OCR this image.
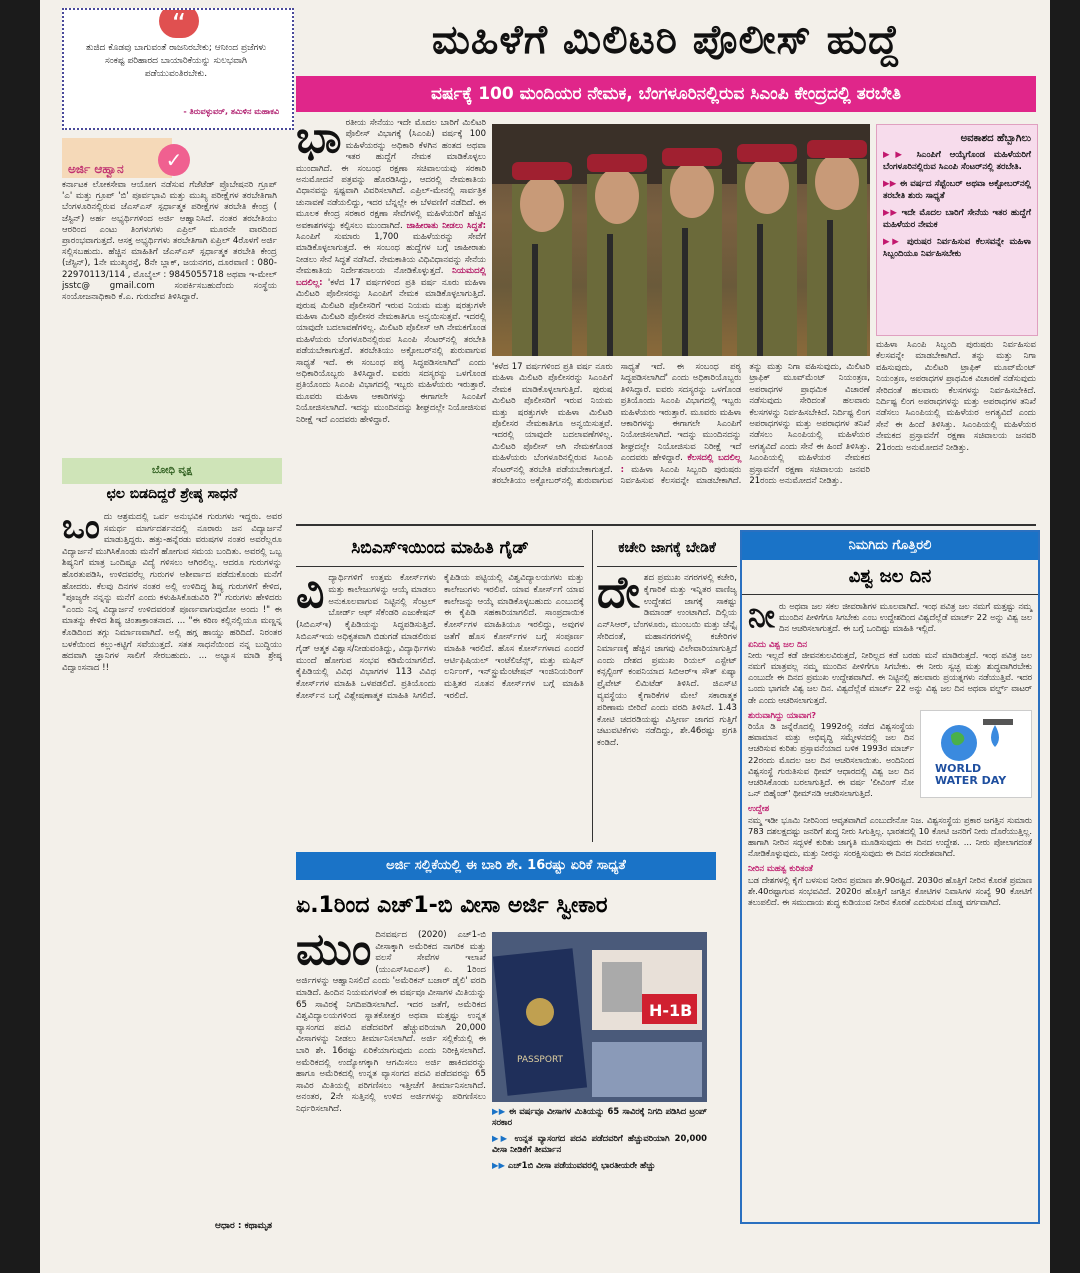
“
ತುಜಿದ ಕೊಡವು ಬಾಗುವಂತೆ ರಾಜನಿರಬೇಕು; ಆನೀಂದ ಪ್ರಜೆಗಳು ಸಂಕಷ್ಟ ಪರಿಹಾರದ ಬಾಯಾರಿಕೆಯನ್ನು ಸುಲಭವಾಗಿ ಪಡೆಯುವಂತಿರಬೇಕು.
- ತಿರುವಳ್ಳುವರ್, ತಮಿಳಿನ ಮಹಾಕವಿ
ಅರ್ಜಿ ಆಹ್ವಾನ	✓
ಕರ್ನಾಟಕ ಲೋಕಸೇವಾ ಆಯೋಗ ನಡೆಸುವ ಗೆಜೆಟೆಡ್ ಪ್ರೊಬೇಷನರಿ ಗ್ರೂಪ್ 'ಎ' ಮತ್ತು ಗ್ರೂಪ್ 'ಬಿ' ಪೂರ್ವಭಾವಿ ಮತ್ತು ಮುಖ್ಯ ಪರೀಕ್ಷೆಗಳ ತರಬೇತಿಗಾಗಿ ಬೆಂಗಳೂರಿನಲ್ಲಿರುವ ಜೆಎಸ್‌ಎಸ್ ಸ್ಪರ್ಧಾತ್ಮಕ ಪರೀಕ್ಷೆಗಳ ತರಬೇತಿ ಕೇಂದ್ರ ( ಜೆಸ್ಟಿನ್) ಅರ್ಹ ಅಭ್ಯರ್ಥಿಗಳಿಂದ ಅರ್ಜಿ ಆಹ್ವಾನಿಸಿದೆ. ನಂತರ ತರಬೇತಿಯು ಆರರಿಂದ ಎಂಟು ತಿಂಗಳುಗಳು ಎಪ್ರಿಲ್ ಮೂರನೇ ವಾರದಿಂದ ಪ್ರಾರಂಭವಾಗುತ್ತದೆ. ಆಸಕ್ತ ಅಭ್ಯರ್ಥಿಗಳು ತರಬೇತಿಗಾಗಿ ಏಪ್ರಿಲ್ 4ರೊಳಗೆ ಅರ್ಜಿ ಸಲ್ಲಿಸಬಹುದು. ಹೆಚ್ಚಿನ ಮಾಹಿತಿಗೆ ಜೆಎಸ್‌ಎಸ್ ಸ್ಪರ್ಧಾತ್ಮಕ ತರಬೇತಿ ಕೇಂದ್ರ (ಜೆಸ್ಟಿನ್), 1ನೇ ಮುಖ್ಯರಸ್ತೆ, 8ನೇ ಬ್ಲಾಕ್, ಜಯನಗರ, ದೂರವಾಣಿ : 080-22970113/114 , ಮೊಬೈಲ್ : 9845055718 ಅಥವಾ ಇ-ಮೇಲ್ jsstc@ gmail.com ಸಂಪರ್ಕಿಸಬಹುದೆಂದು ಸಂಸ್ಥೆಯ ಸಂಯೋಜನಾಧಿಕಾರಿ ಕೆ.ಎ. ಗುರುದೇವ ತಿಳಿಸಿದ್ದಾರೆ.
ಬೋಧಿ ವೃಕ್ಷ
ಛಲ ಬಿಡದಿದ್ದರೆ ಶ್ರೇಷ್ಠ ಸಾಧನೆ
ಒಂದು ಆಶ್ರಮದಲ್ಲಿ ಒರ್ವ ಅನುಭವಿಕ ಗುರುಗಳು ಇದ್ದರು. ಅವರ ಸಮರ್ಥ ಮಾರ್ಗದರ್ಶನದಲ್ಲಿ ನೂರಾರು ಜನ ವಿದ್ಯಾರ್ಜನೆ ಮಾಡುತ್ತಿದ್ದರು. ಹತ್ತು-ಹನ್ನೆರಡು ವರುಷಗಳ ನಂತರ ಅವರೆಲ್ಲರೂ ವಿದ್ಯಾರ್ಜನೆ ಮುಗಿಸಿಕೊಂಡು ಮನೆಗೆ ಹೋಗುವ ಸಮಯ ಬಂದಿತು. ಅವರಲ್ಲಿ ಒಬ್ಬ ಶಿಷ್ಯನಿಗೆ ಮಾತ್ರ ಒಂದಿಷ್ಟೂ ವಿದ್ಯೆ ಗಳಿಸಲು ಆಗಿರಲಿಲ್ಲ. ಆದರೂ ಗುರುಗಳನ್ನು ಹೊರತುಪಡಿಸಿ, ಉಳಿದವರೆಲ್ಲ ಗುರುಗಳ ಆಶೀರ್ವಾದ ಪಡೆದುಕೊಂಡು ಮನೆಗೆ ಹೋದರು. ಕೆಲವು ದಿನಗಳ ನಂತರ ಅಲ್ಲಿ ಉಳಿದಿದ್ದ ಶಿಷ್ಯ ಗುರುಗಳಿಗೆ ಕೇಳಿದ, "ಪೂಜ್ಯರೇ ನನ್ನನ್ನು ಮನೆಗೆ ಎಂದು ಕಳುಹಿಸಿಕೊಡುವಿರಿ ?" ಗುರುಗಳು ಹೇಳಿದರು "ಎಂದು ನಿನ್ನ ವಿದ್ಯಾರ್ಜನೆ ಉಳಿದವರಂತೆ ಪೂರ್ಣವಾಗುವುದೋ ಅಂದು !" ಈ ಮಾತನ್ನು ಕೇಳಿದ ಶಿಷ್ಯ ಚಿಂತಾಕ್ರಾಂತನಾದ. ... "ಈ ಕಠಿಣ ಕಲ್ಲಿನಲ್ಲಿಯೂ ಮಣ್ಣನ್ನ ಕೊಡಿದಿಂದ ತಗ್ಗು ನಿರ್ಮಾಣವಾಗಿದೆ. ಅಲ್ಲಿ ಹಗ್ಗ ಹಾಯ್ದು ಹರಿದಿದೆ. ನಿರಂತರ ಬಳಕೆಯಿಂದ ಕಲ್ಲು-ಕಟ್ಟಿಗೆ ಸವೆಯುತ್ತದೆ. ಸತತ ಸಾಧನೆಯಿಂದ ನನ್ನ ಬುದ್ಧಿಯು ಹದವಾಗಿ ಜ್ಞಾನಿಗಳ ಸಾಲಿಗೆ ಸೇರಬಹುದು. ... ಅಭ್ಯಾಸ ಮಾಡಿ ಶ್ರೇಷ್ಠ ವಿದ್ವಾಂಸನಾದ !!
ಆಧಾರ : ಕಥಾಮೃತ
ಮಹಿಳೆಗೆ ಮಿಲಿಟರಿ ಪೊಲೀಸ್ ಹುದ್ದೆ
ವರ್ಷಕ್ಕೆ 100 ಮಂದಿಯರ ನೇಮಕ, ಬೆಂಗಳೂರಿನಲ್ಲಿರುವ ಸಿಎಂಪಿ ಕೇಂದ್ರದಲ್ಲಿ ತರಬೇತಿ
ಭಾರತೀಯ ಸೇನೆಯು ಇದೇ ಮೊದಲ ಬಾರಿಗೆ ಮಿಲಿಟರಿ ಪೊಲೀಸ್ ವಿಭಾಗಕ್ಕೆ (ಸಿಎಂಪಿ) ವರ್ಷಕ್ಕೆ 100 ಮಹಿಳೆಯರನ್ನು ಅಧಿಕಾರಿ ಕೆಳಗಿನ ಹಂತದ ಅಥವಾ ಇತರ ಹುದ್ದೆಗೆ ನೇಮಕ ಮಾಡಿಕೊಳ್ಳಲು ಮುಂದಾಗಿದೆ. ಈ ಸಂಬಂಧ ರಕ್ಷಣಾ ಸಚಿವಾಲಯವು ಸರಕಾರಿ ಅನುಮೋದನೆ ಪತ್ರವನ್ನು ಹೊರಡಿಸಿದ್ದು, ಆದರಲ್ಲಿ ನೇಮಕಾತಿಯ ವಿಧಾನವನ್ನು ಸ್ಪಷ್ಟವಾಗಿ ವಿವರಿಸಲಾಗಿದೆ. ಎಪ್ರಿಲ್-ಮೇನಲ್ಲಿ ಸಾರ್ವತ್ರಿಕ ಚುನಾವಣೆ ನಡೆಯಲಿದ್ದು, ಇದರ ಬೆನ್ನಲ್ಲೇ ಈ ಬೆಳವಣಿಗೆ ನಡೆದಿದೆ. ಈ ಮೂಲಕ ಕೇಂದ್ರ ಸರಕಾರ ರಕ್ಷಣಾ ಸೇವೆಗಳಲ್ಲಿ ಮಹಿಳೆಯರಿಗೆ ಹೆಚ್ಚಿನ ಅವಕಾಶಗಳನ್ನು ಕಲ್ಪಿಸಲು ಮುಂದಾಗಿದೆ. ಜಾಹೀರಾತು ನೀಡಲು ಸಿದ್ಧತೆ: ಸಿಎಂಪಿಗೆ ಸುಮಾರು 1,700 ಮಹಿಳೆಯರನ್ನು ಸೇವೆಗೆ ಮಾಡಿಕೊಳ್ಳಲಾಗುತ್ತದೆ. ಈ ಸಂಬಂಧ ಹುದ್ದೆಗಳ ಬಗ್ಗೆ ಜಾಹೀರಾತು ನೀಡಲು ಸೇನೆ ಸಿದ್ಧತೆ ನಡೆಸಿದೆ. ನೇಮಕಾತಿಯ ವಿಧಿವಿಧಾನವನ್ನು ಸೇನೆಯ ನೇಮಕಾತಿಯ ನಿರ್ದೇಶನಾಲಯ ನೋಡಿಕೊಳ್ಳುತ್ತದೆ. ನಿಯಮದಲ್ಲಿ ಬದಲಿಲ್ಲ: 'ಕಳೆದ 17 ವರ್ಷಗಳಿಂದ ಪ್ರತಿ ವರ್ಷ ನೂರು ಮಹಿಳಾ ಮಿಲಿಟರಿ ಪೊಲೀಸರನ್ನು ಸಿಎಂಪಿಗೆ ನೇಮಕ ಮಾಡಿಕೊಳ್ಳಲಾಗುತ್ತಿದೆ. ಪುರುಷ ಮಿಲಿಟರಿ ಪೊಲೀಸರಿಗೆ ಇರುವ ನಿಯಮ ಮತ್ತು ಷರತ್ತುಗಳೇ ಮಹಿಳಾ ಮಿಲಿಟರಿ ಪೊಲೀಸರ ನೇಮಕಾತಿಗೂ ಅನ್ವಯಿಸುತ್ತವೆ. ಇದರಲ್ಲಿ ಯಾವುದೇ ಬದಲಾವಣೆಗಳಿಲ್ಲ. ಮಿಲಿಟರಿ ಪೊಲೀಸ್ ಆಗಿ ನೇಮಕಗೊಂಡ ಮಹಿಳೆಯರು ಬೆಂಗಳೂರಿನಲ್ಲಿರುವ ಸಿಎಂಪಿ ಸೆಂಟರ್‌ನಲ್ಲಿ ತರಬೇತಿ ಪಡೆಯಬೇಕಾಗುತ್ತದೆ. ತರಬೇತಿಯು ಅಕ್ಟೋಬರ್‌ನಲ್ಲಿ ಶುರುವಾಗುವ ಸಾಧ್ಯತೆ ಇದೆ. ಈ ಸಂಬಂಧ ಪಠ್ಯ ಸಿದ್ಧಪಡಿಸಲಾಗಿದೆ' ಎಂದು ಅಧಿಕಾರಿಯೊಬ್ಬರು ತಿಳಿಸಿದ್ದಾರೆ. ಐವರು ಸದಸ್ಯರನ್ನು ಒಳಗೊಂಡ ಪ್ರತಿಯೊಂದು ಸಿಎಂಪಿ ವಿಭಾಗದಲ್ಲಿ ಇಬ್ಬರು ಮಹಿಳೆಯರು ಇರುತ್ತಾರೆ. ಮೂವರು ಮಹಿಳಾ ಆಕಾರಿಗಳನ್ನು ಈಗಾಗಲೇ ಸಿಎಂಪಿಗೆ ನಿಯೋಜಿಸಲಾಗಿದೆ. ಇದನ್ನು ಮುಂದಿನದನ್ನು ಶೀಘ್ರದಲ್ಲೇ ನಿಯೋಜಿಸುವ ನಿರೀಕ್ಷೆ ಇದೆ ಎಂದವರು ಹೇಳಿದ್ದಾರೆ.
ಅವಕಾಶದ ಹೆಬ್ಬಾಗಿಲು

▶▶ ಸಿಎಂಪಿಗೆ ಆಯ್ಕೆಗೊಂಡ ಮಹಿಳೆಯರಿಗೆ ಬೆಂಗಳೂರಿನಲ್ಲಿರುವ ಸಿಎಂಪಿ ಸೆಂಟರ್‌ನಲ್ಲಿ ತರಬೇತಿ.

▶▶ ಈ ವರ್ಷದ ಸೆಪ್ಟೆಂಬರ್ ಅಥವಾ ಅಕ್ಟೋಬರ್‌ನಲ್ಲಿ ತರಬೇತಿ ಶುರು ಸಾಧ್ಯತೆ

▶▶ ಇದೇ ಮೊದಲ ಬಾರಿಗೆ ಸೇನೆಯ ಇತರ ಹುದ್ದೆಗೆ ಮಹಿಳೆಯರ ನೇಮಕ

▶▶ ಪುರುಷರ ನಿರ್ವಹಿಸುವ ಕೆಲಸವನ್ನೇ ಮಹಿಳಾ ಸಿಬ್ಬಂದಿಯೂ ನಿರ್ವಹಿಸಬೇಕು

'ಕಳೆದ 17 ವರ್ಷಗಳಿಂದ ಪ್ರತಿ ವರ್ಷ ನೂರು ಮಹಿಳಾ ಮಿಲಿಟರಿ ಪೊಲೀಸರನ್ನು ಸಿಎಂಪಿಗೆ ನೇಮಕ ಮಾಡಿಕೊಳ್ಳಲಾಗುತ್ತಿದೆ. ಪುರುಷ ಮಿಲಿಟರಿ ಪೊಲೀಸರಿಗೆ ಇರುವ ನಿಯಮ ಮತ್ತು ಷರತ್ತುಗಳೇ ಮಹಿಳಾ ಮಿಲಿಟರಿ ಪೊಲೀಸರ ನೇಮಕಾತಿಗೂ ಅನ್ವಯಿಸುತ್ತವೆ. ಇದರಲ್ಲಿ ಯಾವುದೇ ಬದಲಾವಣೆಗಳಿಲ್ಲ. ಮಿಲಿಟರಿ ಪೊಲೀಸ್ ಆಗಿ ನೇಮಕಗೊಂಡ ಮಹಿಳೆಯರು ಬೆಂಗಳೂರಿನಲ್ಲಿರುವ ಸಿಎಂಪಿ ಸೆಂಟರ್‌ನಲ್ಲಿ ತರಬೇತಿ ಪಡೆಯಬೇಕಾಗುತ್ತದೆ. ತರಬೇತಿಯು ಅಕ್ಟೋಬರ್‌ನಲ್ಲಿ ಶುರುವಾಗುವ ಸಾಧ್ಯತೆ ಇದೆ. ಈ ಸಂಬಂಧ ಪಠ್ಯ ಸಿದ್ಧಪಡಿಸಲಾಗಿದೆ' ಎಂದು ಅಧಿಕಾರಿಯೊಬ್ಬರು ತಿಳಿಸಿದ್ದಾರೆ. ಐವರು ಸದಸ್ಯರನ್ನು ಒಳಗೊಂಡ ಪ್ರತಿಯೊಂದು ಸಿಎಂಪಿ ವಿಭಾಗದಲ್ಲಿ ಇಬ್ಬರು ಮಹಿಳೆಯರು ಇರುತ್ತಾರೆ. ಮೂವರು ಮಹಿಳಾ ಆಕಾರಿಗಳನ್ನು ಈಗಾಗಲೇ ಸಿಎಂಪಿಗೆ ನಿಯೋಜಿಸಲಾಗಿದೆ. ಇದನ್ನು ಮುಂದಿನದನ್ನು ಶೀಘ್ರದಲ್ಲೇ ನಿಯೋಜಿಸುವ ನಿರೀಕ್ಷೆ ಇದೆ ಎಂದವರು ಹೇಳಿದ್ದಾರೆ. ಕೆಲಸದಲ್ಲಿ ಬದಲಿಲ್ಲ : ಮಹಿಳಾ ಸಿಎಂಪಿ ಸಿಬ್ಬಂದಿ ಪುರುಷರು ನಿರ್ವಹಿಸುವ ಕೆಲಸವನ್ನೇ ಮಾಡಬೇಕಾಗಿದೆ. ತನ್ನು ಮತ್ತು ನಿಗಾ ವಹಿಸುವುದು, ಮಿಲಿಟರಿ ಟ್ರಾಫಿಕ್ ಮೂವ್‌ಮೆಂಟ್ ನಿಯಂತ್ರಣ, ಅಪರಾಧಗಳ ಪ್ರಾಥಮಿಕ ವಿಚಾರಣೆ ನಡೆಸುವುದು ಸೇರಿದಂತೆ ಹಲವಾರು ಕೆಲಸಗಳನ್ನು ನಿರ್ವಹಿಸಬೇಕಿದೆ. ನಿರ್ದಿಷ್ಟ ಲಿಂಗ ಅಪರಾಧಗಳನ್ನು ಮತ್ತು ಅಪರಾಧಗಳ ತನಿಖೆ ನಡೆಸಲು ಸಿಎಂಪಿಯಲ್ಲಿ ಮಹಿಳೆಯರ ಅಗತ್ಯವಿದೆ ಎಂದು ಸೇನೆ ಈ ಹಿಂದೆ ತಿಳಿಸಿತ್ತು. ಸಿಎಂಪಿಯಲ್ಲಿ ಮಹಿಳೆಯರ ನೇಮಕದ ಪ್ರಸ್ತಾವನೆಗೆ ರಕ್ಷಣಾ ಸಚಿವಾಲಯ ಜನವರಿ 21ರಂದು ಅನುಮೋದನೆ ನೀಡಿತ್ತು.
ಮಹಿಳಾ ಸಿಎಂಪಿ ಸಿಬ್ಬಂದಿ ಪುರುಷರು ನಿರ್ವಹಿಸುವ ಕೆಲಸವನ್ನೇ ಮಾಡಬೇಕಾಗಿದೆ. ತನ್ನು ಮತ್ತು ನಿಗಾ ವಹಿಸುವುದು, ಮಿಲಿಟರಿ ಟ್ರಾಫಿಕ್ ಮೂವ್‌ಮೆಂಟ್ ನಿಯಂತ್ರಣ, ಅಪರಾಧಗಳ ಪ್ರಾಥಮಿಕ ವಿಚಾರಣೆ ನಡೆಸುವುದು ಸೇರಿದಂತೆ ಹಲವಾರು ಕೆಲಸಗಳನ್ನು ನಿರ್ವಹಿಸಬೇಕಿದೆ. ನಿರ್ದಿಷ್ಟ ಲಿಂಗ ಅಪರಾಧಗಳನ್ನು ಮತ್ತು ಅಪರಾಧಗಳ ತನಿಖೆ ನಡೆಸಲು ಸಿಎಂಪಿಯಲ್ಲಿ ಮಹಿಳೆಯರ ಅಗತ್ಯವಿದೆ ಎಂದು ಸೇನೆ ಈ ಹಿಂದೆ ತಿಳಿಸಿತ್ತು. ಸಿಎಂಪಿಯಲ್ಲಿ ಮಹಿಳೆಯರ ನೇಮಕದ ಪ್ರಸ್ತಾವನೆಗೆ ರಕ್ಷಣಾ ಸಚಿವಾಲಯ ಜನವರಿ 21ರಂದು ಅನುಮೋದನೆ ನೀಡಿತ್ತು.
ಸಿಬಿಎಸ್‌ಇಯಿಂದ ಮಾಹಿತಿ ಗೈಡ್
ವಿದ್ಯಾರ್ಥಿಗಳಿಗೆ ಉತ್ತಮ ಕೋರ್ಸ್‌ಗಳು ಮತ್ತು ಕಾಲೇಜುಗಳನ್ನು ಆಯ್ಕೆ ಮಾಡಲು ಅನುಕೂಲವಾಗುವ ನಿಟ್ಟಿನಲ್ಲಿ ಸೆಂಟ್ರಲ್ ಬೋರ್ಡ್ ಆಫ್ ಸೆಕೆಂಡರಿ ಎಜುಕೇಷನ್ (ಸಿಬಿಎಸ್‌ಇ) ಕೈಪಿಡಿಯನ್ನು ಸಿದ್ಧಪಡಿಸುತ್ತಿದೆ. ಸಿಬಿಎಸ್‌ಇಯ ಅಧಿಕೃತವಾಗಿ ಬಿಡುಗಡೆ ಮಾಡಲಿರುವ ಗೈಡ್ ಆತ್ಮಕ ವಿಶ್ವಾಸ/ನೀಡುವಂತಿದ್ದು, ವಿದ್ಯಾರ್ಥಿಗಳು ಮುಂದೆ ಹೋಗುವ ಸಂಭವ ಕಡಿಮೆಯಾಗಲಿದೆ. ಕೈಪಿಡಿಯಲ್ಲಿ ವಿವಿಧ ವಿಭಾಗಗಳ 113 ವಿವಿಧ ಕೋರ್ಸ್‌ಗಳ ಮಾಹಿತಿ ಒಳಪಡಲಿದೆ. ಪ್ರತಿಯೊಂದು ಕೋರ್ಸ್‌ನ ಬಗ್ಗೆ ವಿಶ್ಲೇಷಣಾತ್ಮಕ ಮಾಹಿತಿ ಸಿಗಲಿದೆ. ಕೈಪಿಡಿಯ ಪಟ್ಟಿಯಲ್ಲಿ ವಿಶ್ವವಿದ್ಯಾಲಯಗಳು ಮತ್ತು ಕಾಲೇಜುಗಳು ಇರಲಿವೆ. ಯಾವ ಕೋರ್ಸ್‌ಗೆ ಯಾವ ಕಾಲೇಜನ್ನು ಆಯ್ಕೆ ಮಾಡಿಕೊಳ್ಳಬಹುದು ಎಂಬುದಕ್ಕೆ ಈ ಕೈಪಿಡಿ ಸಹಕಾರಿಯಾಗಲಿದೆ. ಸಾಂಪ್ರದಾಯಿಕ ಕೋರ್ಸ್‌ಗಳ ಮಾಹಿತಿಯೂ ಇರಲಿದ್ದು, ಅವುಗಳ ಜತೆಗೆ ಹೊಸ ಕೋರ್ಸ್‌ಗಳ ಬಗ್ಗೆ ಸಂಪೂರ್ಣ ಮಾಹಿತಿ ಇರಲಿದೆ. ಹೊಸ ಕೋರ್ಸ್‌ಗಳಾದ ಎಂದರೆ ಆರ್ಟಿಫಿಷಿಯಲ್ ಇಂಟೆಲಿಜೆನ್ಸ್, ಮತ್ತು ಮಷಿನ್ ಲರ್ನಿಂಗ್, ಇನ್‌ಸ್ಟ್ರುಮೆಂಟೇಷನ್ ಇಂಜಿನಿಯರಿಂಗ್ ಮತ್ತಿತರ ನೂತನ ಕೋರ್ಸ್‌ಗಳ ಬಗ್ಗೆ ಮಾಹಿತಿ ಇರಲಿದೆ.
ಕಚೇರಿ ಜಾಗಕ್ಕೆ ಬೇಡಿಕೆ
ದೇಶದ ಪ್ರಮುಖ ನಗರಗಳಲ್ಲಿ ಕಚೇರಿ, ಕೈಗಾರಿಕೆ ಮತ್ತು ಇನ್ನಿತರ ವಾಣಿಜ್ಯ ಉದ್ದೇಶದ ಜಾಗಕ್ಕೆ ಸಾಕಷ್ಟು ಡಿಮಾಂಡ್ ಉಂಟಾಗಿದೆ. ದಿಲ್ಲಿಯ ಎನ್‌ಸಿಆರ್, ಬೆಂಗಳೂರು, ಮುಂಬಯಿ ಮತ್ತು ಚೆನ್ನೈ ಸೇರಿದಂತೆ, ಮಹಾನಗರಗಳಲ್ಲಿ ಕಚೇರಿಗಳ ನಿರ್ಮಾಣಕ್ಕೆ ಹೆಚ್ಚಿನ ಜಾಗವು ವಿಲೇವಾರಿಯಾಗುತ್ತಿದೆ ಎಂದು ದೇಶದ ಪ್ರಮುಖ ರಿಯಲ್ ಎಸ್ಟೇಟ್ ಕನ್ಸಲ್ಟಿಂಗ್ ಕಂಪನಿಯಾದ ಸಿಬಿಆರ್‌ಇ ಸೌತ್ ಏಷ್ಯಾ ಪ್ರೈವೇಟ್ ಲಿಮಿಟೆಡ್ ತಿಳಿಸಿದೆ. ಜಿಎಸ್‌ಟಿ ವ್ಯವಸ್ಥೆಯು ಕೈಗಾರಿಕೆಗಳ ಮೇಲೆ ಸಕಾರಾತ್ಮಕ ಪರಿಣಾಮ ಬೀರಿದೆ ಎಂದು ವರದಿ ತಿಳಿಸಿದೆ. 1.43 ಕೋಟಿ ಚದರಡಿಯಷ್ಟು ವಿಸ್ತೀರ್ಣ ಜಾಗದ ಗುತ್ತಿಗೆ ಚಟುವಟಿಕೆಗಳು ನಡೆದಿದ್ದು, ಶೇ.46ರಷ್ಟು ಪ್ರಗತಿ ಕಂಡಿದೆ.
ಅರ್ಜಿ ಸಲ್ಲಿಕೆಯಲ್ಲಿ ಈ ಬಾರಿ ಶೇ. 16ರಷ್ಟು ಏರಿಕೆ ಸಾಧ್ಯತೆ
ಏ.1ರಿಂದ ಎಚ್1-ಬಿ ವೀಸಾ ಅರ್ಜಿ ಸ್ವೀಕಾರ
ಮುಂದಿನವರ್ಷದ (2020) ಎಚ್1-ಬಿ ವೀಸಾಕ್ಕಾಗಿ ಅಮೆರಿಕದ ನಾಗರಿಕ ಮತ್ತು ವಲಸೆ ಸೇವೆಗಳ ಇಲಾಖೆ (ಯುಎಸ್‌ಸಿಐಎಸ್) ಏ. 1ರಿಂದ ಅರ್ಜಿಗಳನ್ನು ಆಹ್ವಾನಿಸಲಿದೆ ಎಂದು 'ಅಮೆರಿಕನ್ ಬಜಾರ್ ಡೈಲಿ' ವರದಿ ಮಾಡಿದೆ. ಹಿಂದಿನ ನಿಯಮಗಳಂತೆ ಈ ವರ್ಷವೂ ವೀಸಾಗಳ ಮಿತಿಯನ್ನು 65 ಸಾವಿರಕ್ಕೆ ನಿಗದಿಪಡಿಸಲಾಗಿದೆ. ಇದರ ಜತೆಗೆ, ಅಮೆರಿಕದ ವಿಶ್ವವಿದ್ಯಾಲಯಗಳಿಂದ ಸ್ನಾತಕೋತ್ತರ ಅಥವಾ ಮತ್ತಷ್ಟು ಉನ್ನತ ವ್ಯಾಸಂಗದ ಪದವಿ ಪಡೆದವರಿಗೆ ಹೆಚ್ಚುವರಿಯಾಗಿ 20,000 ವೀಸಾಗಳನ್ನು ನೀಡಲು ತೀರ್ಮಾನಿಸಲಾಗಿದೆ. ಅರ್ಜಿ ಸಲ್ಲಿಕೆಯಲ್ಲಿ ಈ ಬಾರಿ ಶೇ. 16ರಷ್ಟು ಏರಿಕೆಯಾಗುವುದು ಎಂದು ನಿರೀಕ್ಷಿಸಲಾಗಿದೆ. ಅಮೆರಿಕದಲ್ಲಿ ಉದ್ಯೋಗಕ್ಕಾಗಿ ಆಗಮಿಸಲು ಅರ್ಜಿ ಹಾಕಿದವರನ್ನು ಹಾಗೂ ಅಮೆರಿಕದಲ್ಲಿ ಉನ್ನತ ವ್ಯಾಸಂಗದ ಪದವಿ ಪಡೆದವರನ್ನು 65 ಸಾವಿರ ಮಿತಿಯಲ್ಲಿ ಪರಿಗಣಿಸಲು ಇತ್ತೀಚೆಗೆ ತೀರ್ಮಾನಿಸಲಾಗಿದೆ. ಅನಂತರ, 2ನೇ ಸುತ್ತಿನಲ್ಲಿ ಉಳಿದ ಅರ್ಜಿಗಳನ್ನು ಪರಿಗಣಿಸಲು ನಿರ್ಧರಿಸಲಾಗಿದೆ.
PASSPORT
H-1B

▶▶ ಈ ವರ್ಷವೂ ವೀಸಾಗಳ ಮಿತಿಯನ್ನು 65 ಸಾವಿರಕ್ಕೆ ನಿಗದಿ ಪಡಿಸಿದ ಟ್ರಂಪ್ ಸರಕಾರ

▶▶ ಉನ್ನತ ವ್ಯಾಸಂಗದ ಪದವಿ ಪಡೆದವರಿಗೆ ಹೆಚ್ಚುವರಿಯಾಗಿ 20,000 ವೀಸಾ ನೀಡಿಕೆಗೆ ತೀರ್ಮಾನ

▶▶ ಎಚ್1ಬಿ ವೀಸಾ ಪಡೆಯುವವರಲ್ಲಿ ಭಾರತೀಯರೇ ಹೆಚ್ಚು

ನಿಮಗಿದು ಗೊತ್ತಿರಲಿ
ವಿಶ್ವ ಜಲ ದಿನ
ನೀರು ಅಥವಾ ಜಲ ಸಕಲ ಜೀವರಾಶಿಗಳ ಮೂಲವಾಗಿದೆ. ಇಂಥ ಪವಿತ್ರ ಜಲ ನಮಗೆ ಮತ್ತಷ್ಟು ನಮ್ಮ ಮುಂದಿನ ಪೀಳಿಗೆಗೂ ಸಿಗಬೇಕು ಎಂಬ ಉದ್ದೇಶದಿಂದ ವಿಶ್ವದೆಲ್ಲೆಡೆ ಮಾರ್ಚ್ 22 ಅನ್ನು ವಿಶ್ವ ಜಲ ದಿನ ಆಚರಿಸಲಾಗುತ್ತದೆ. ಈ ಬಗ್ಗೆ ಒಂದಿಷ್ಟು ಮಾಹಿತಿ ಇಲ್ಲಿದೆ.
ಏನಿದು ವಿಶ್ವ ಜಲ ದಿನ
ನೀರು ಇಲ್ಲದೆ ಕಡೆ ಜೀವನಕುಲವಿರುತ್ತದೆ, ನೀರಿಲ್ಲದ ಕಡೆ ಬರಡು ಮನೆ ಮಾಡಿರುತ್ತದೆ. ಇಂಥ ಪವಿತ್ರ ಜಲ ನಮಗೆ ಮಾತ್ರವಲ್ಲ ನಮ್ಮ ಮುಂದಿನ ಪೀಳಿಗೆಗೂ ಸಿಗಬೇಕು. ಈ ನೀರು ಸ್ವಚ್ಛ ಮತ್ತು ಶುದ್ಧವಾಗಿರಬೇಕು ಎಂಬುದೇ ಈ ದಿನದ ಪ್ರಮುಖ ಉದ್ದೇಶವಾಗಿದೆ. ಈ ನಿಟ್ಟಿನಲ್ಲಿ ಹಲವಾರು ಪ್ರಯತ್ನಗಳು ನಡೆಯುತ್ತಿವೆ. ಇದರ ಒಂದು ಭಾಗವೇ ವಿಶ್ವ ಜಲ ದಿನ. ವಿಶ್ವದೆಲ್ಲೆಡೆ ಮಾರ್ಚ್ 22 ಅನ್ನು ವಿಶ್ವ ಜಲ ದಿನ ಅಥವಾ ವರ್ಲ್ಡ್ ವಾಟರ್ ಡೇ ಎಂದು ಆಚರಿಸಲಾಗುತ್ತದೆ.
WORLD
WATER DAY
ಶುರುವಾಗಿದ್ದು ಯಾವಾಗ?
ರಿಯೊ ಡಿ ಜನ್ನೆರೊದಲ್ಲಿ 1992ರಲ್ಲಿ ನಡೆದ ವಿಶ್ವಸಂಸ್ಥೆಯ ಹವಾಮಾನ ಮತ್ತು ಅಭಿವೃದ್ಧಿ ಸಮ್ಮೇಳನದಲ್ಲಿ ಜಲ ದಿನ ಆಚರಿಸುವ ಕುರಿತು ಪ್ರಸ್ತಾವನೆಯಾದ ಬಳಿಕ 1993ರ ಮಾರ್ಚ್ 22ರಂದು ಮೊದಲ ಜಲ ದಿನ ಆಚರಿಸಲಾಯಿತು. ಅಂದಿನಿಂದ ವಿಶ್ವಸಂಸ್ಥೆ ಗುರುತಿಸುವ ಥೀಮ್ ಆಧಾರದಲ್ಲಿ ವಿಶ್ವ ಜಲ ದಿನ ಆಚರಿಸಿಕೊಂಡು ಬರಲಾಗುತ್ತಿದೆ. ಈ ವರ್ಷ 'ಲೀವಿಂಗ್ ನೋ ಒನ್ ಬಿಹೈಂಡ್' ಥೀಮ್‌ನಡಿ ಆಚರಿಸಲಾಗುತ್ತಿದೆ.
ಉದ್ದೇಶ
ನಮ್ಮ ಇಡೀ ಭೂಮಿ ನೀರಿನಿಂದ ಆವೃತವಾಗಿದೆ ಎಂಬುದೇನೋ ನಿಜ. ವಿಶ್ವಸಂಸ್ಥೆಯ ಪ್ರಕಾರ ಜಗತ್ತಿನ ಸುಮಾರು 783 ದಶಲಕ್ಷದಷ್ಟು ಜನರಿಗೆ ಶುದ್ಧ ನೀರು ಸಿಗುತ್ತಿಲ್ಲ. ಭಾರತದಲ್ಲಿ 10 ಕೋಟಿ ಜನರಿಗೆ ನೀರು ದೊರೆಯುತ್ತಿಲ್ಲ. ಹಾಗಾಗಿ ನೀರಿನ ಸದ್ಬಳಕೆ ಕುರಿತು ಜಾಗೃತಿ ಮೂಡಿಸುವುದು ಈ ದಿನದ ಉದ್ದೇಶ. ... ನೀರು ಪೋಲಾಗದಂತೆ ನೋಡಿಕೊಳ್ಳುವುದು, ಮತ್ತು ನೀರನ್ನು ಸಂರಕ್ಷಿಸುವುದು ಈ ದಿನದ ಸಂದೇಶವಾಗಿದೆ.
ನೀರಿನ ಮಹತ್ವ ಕುರಿತಂತೆ
ಬಡ ದೇಶಗಳಲ್ಲಿ ಕೈಗೆ ಬಳಸುವ ನೀರಿನ ಪ್ರಮಾಣ ಶೇ.90ರಷ್ಟಿದೆ. 2030ರ ಹೊತ್ತಿಗೆ ನೀರಿನ ಕೊರತೆ ಪ್ರಮಾಣ ಶೇ.40ರಷ್ಟಾಗುವ ಸಂಭವವಿದೆ. 2020ರ ಹೊತ್ತಿಗೆ ಜಗತ್ತಿನ ಕೋಟಿಗಳ ನಿವಾಸಿಗಳ ಸಂಖ್ಯೆ 90 ಕೋಟಿಗೆ ತಲುಪಲಿದೆ. ಈ ಸಮುದಾಯ ಶುದ್ಧ ಕುಡಿಯುವ ನೀರಿನ ಕೊರತೆ ಎದುರಿಸುವ ದೊಡ್ಡ ವರ್ಗವಾಗಿದೆ.
